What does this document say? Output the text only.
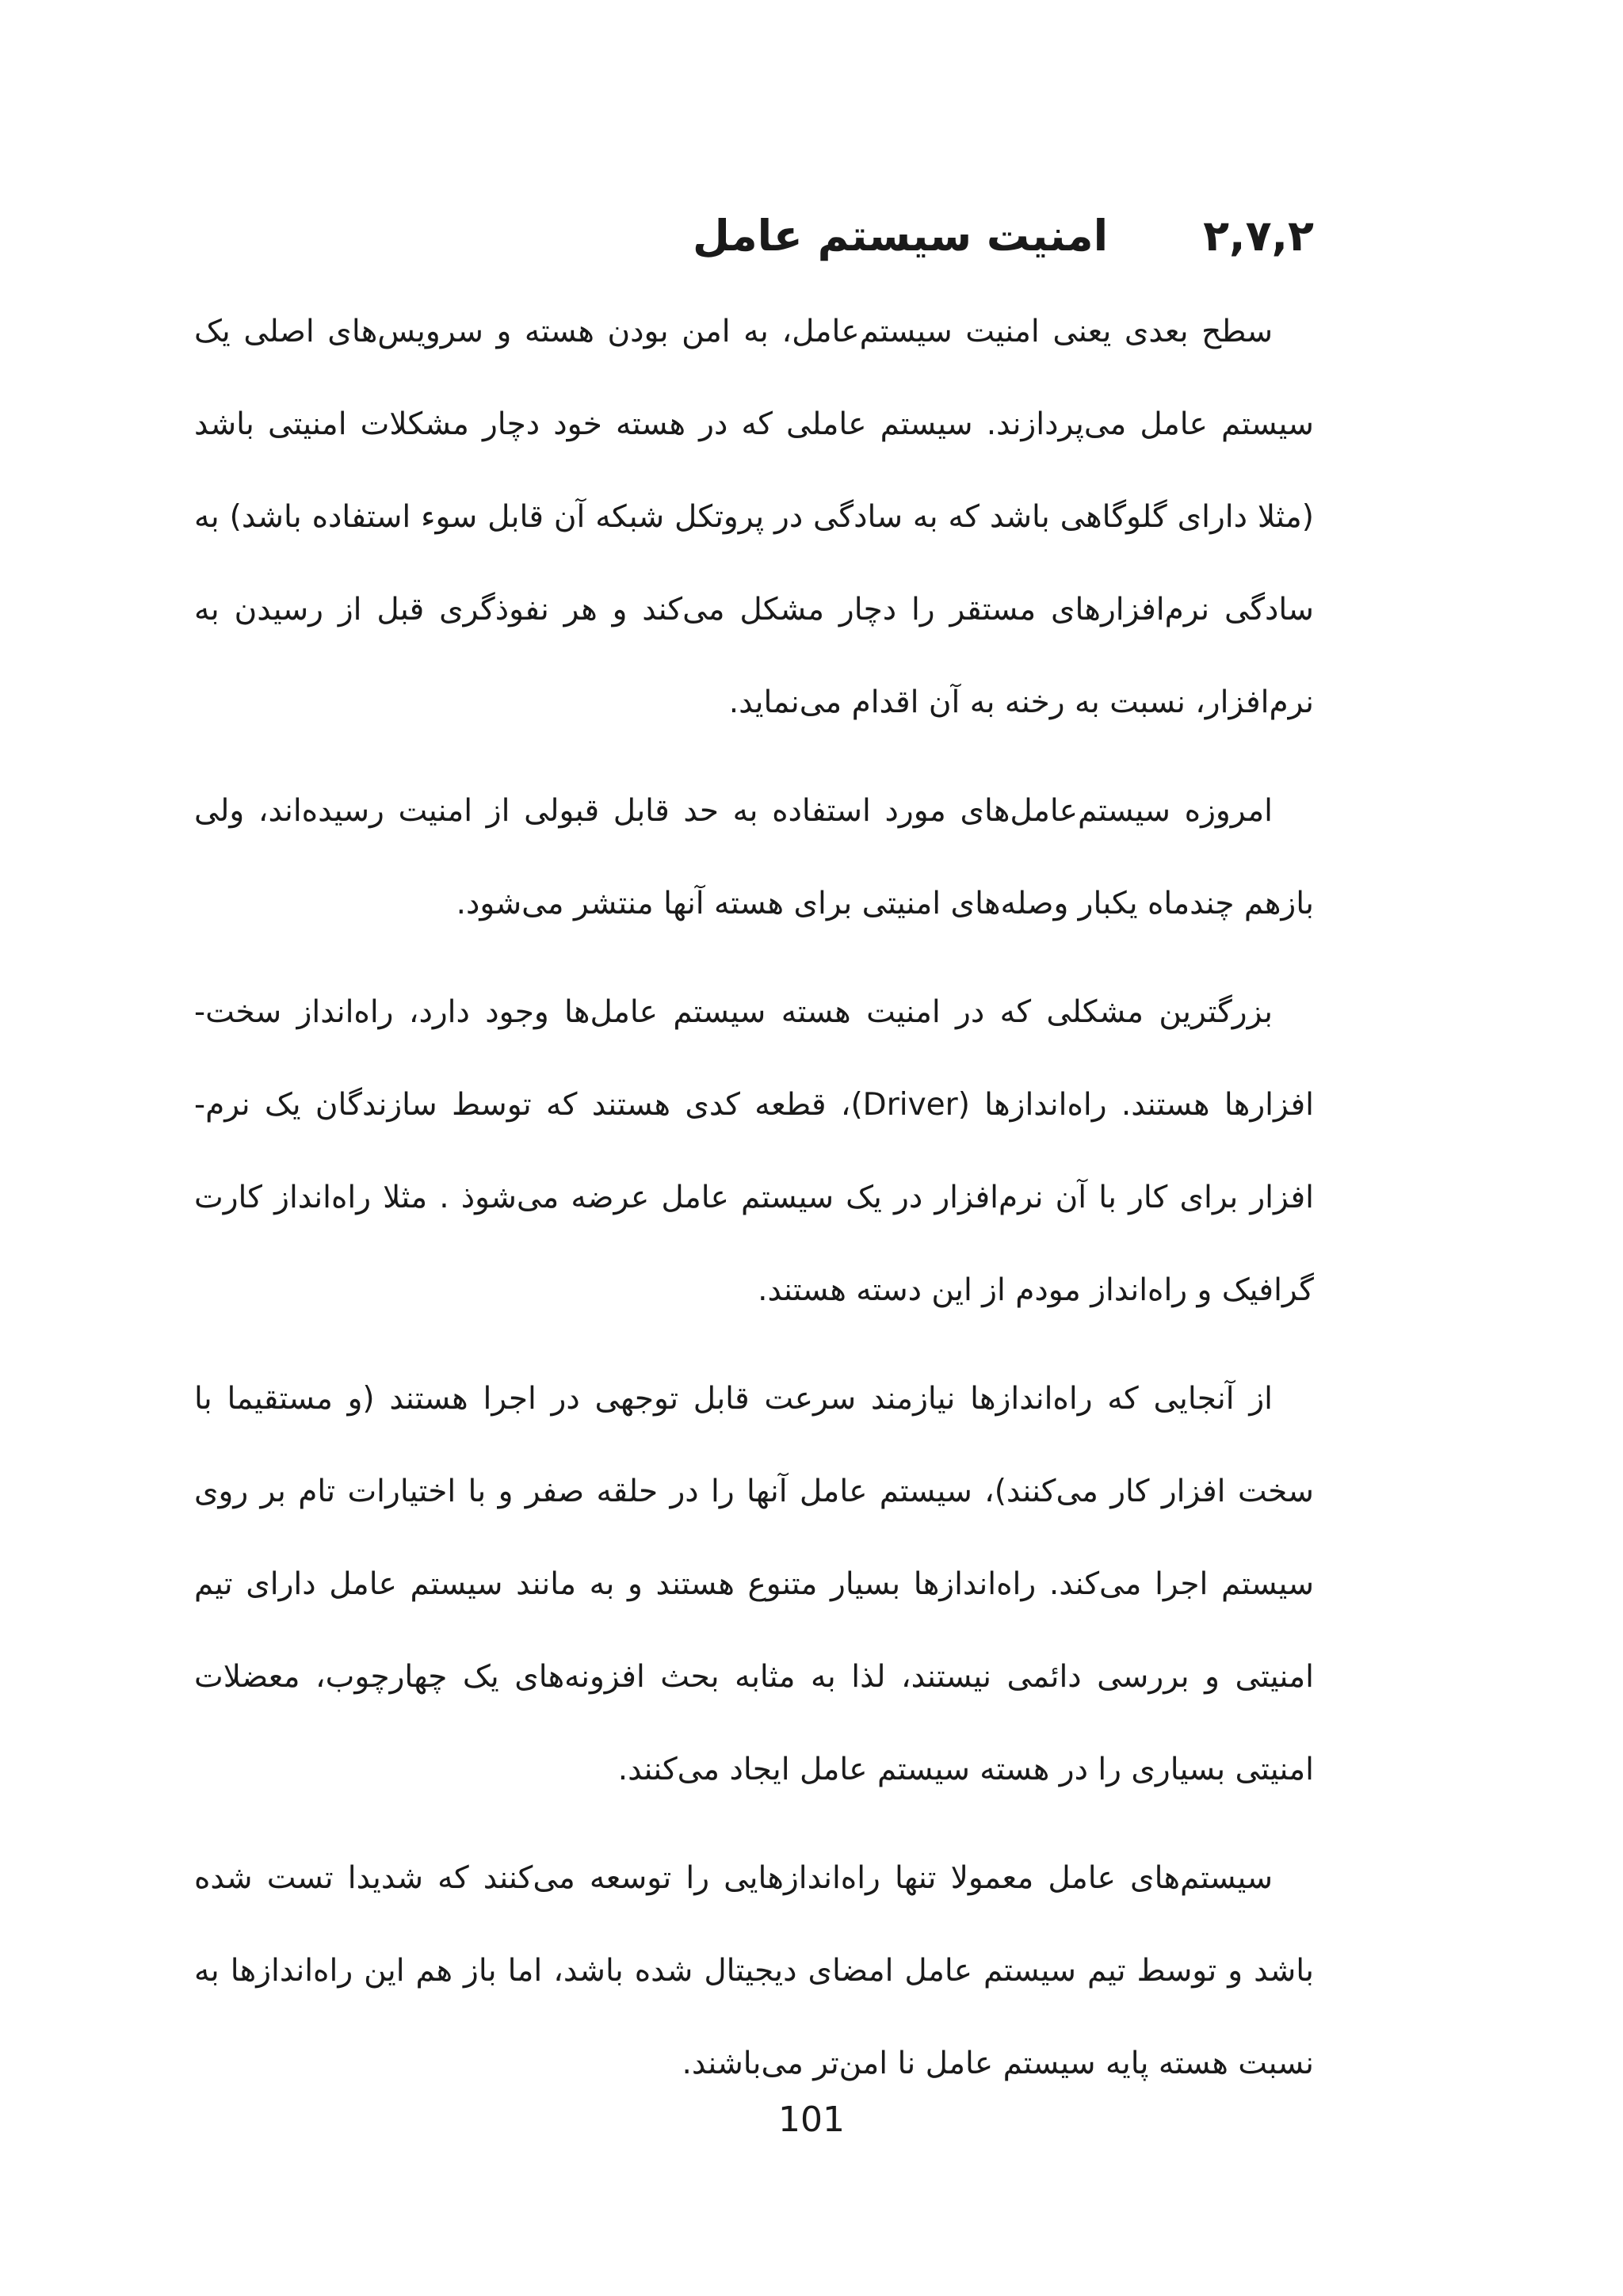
۲,۷,۲
امنیت سیستم عامل

سطح بعدی یعنی امنیت سیستم‌عامل، به امن بودن هسته و سرویس‌های اصلی یک سیستم عامل می‌پردازند. سیستم عاملی که در هسته خود دچار مشکلات امنیتی باشد (مثلا دارای گلوگاهی باشد که به سادگی در پروتکل شبکه آن قابل سوء استفاده باشد) به سادگی نرم‌افزارهای مستقر را دچار مشکل می‌کند و هر نفوذگری قبل از رسیدن به نرم‌افزار، نسبت به رخنه به آن اقدام می‌نماید.

امروزه سیستم‌عامل‌های مورد استفاده به حد قابل قبولی از امنیت رسیده‌اند، ولی بازهم چندماه یکبار وصله‌های امنیتی برای هسته آنها منتشر می‌شود.

بزرگترین مشکلی که در امنیت هسته سیستم عامل‌ها وجود دارد، راه‌انداز سخت-افزارها هستند. راه‌اندازها (Driver)، قطعه کدی هستند که توسط سازندگان یک نرم-افزار برای کار با آن نرم‌افزار در یک سیستم عامل عرضه می‌شوذ . مثلا راه‌انداز کارت گرافیک و راه‌انداز مودم از این دسته هستند.

از آنجایی که راه‌اندازها نیازمند سرعت قابل توجهی در اجرا هستند (و مستقیما با سخت افزار کار می‌کنند)، سیستم عامل آنها را در حلقه صفر و با اختیارات تام بر روی سیستم اجرا می‌کند. راه‌اندازها بسیار متنوع هستند و به مانند سیستم عامل دارای تیم امنیتی و بررسی دائمی نیستند، لذا به مثابه بحث افزونه‌های یک چهارچوب، معضلات امنیتی بسیاری را در هسته سیستم عامل ایجاد می‌کنند.

سیستم‌های عامل معمولا تنها راه‌اندازهایی را توسعه می‌کنند که شدیدا تست شده باشد و توسط تیم سیستم عامل امضای دیجیتال شده باشد، اما باز هم این راه‌اندازها به نسبت هسته پایه سیستم عامل نا امن‌تر می‌باشند.

101
